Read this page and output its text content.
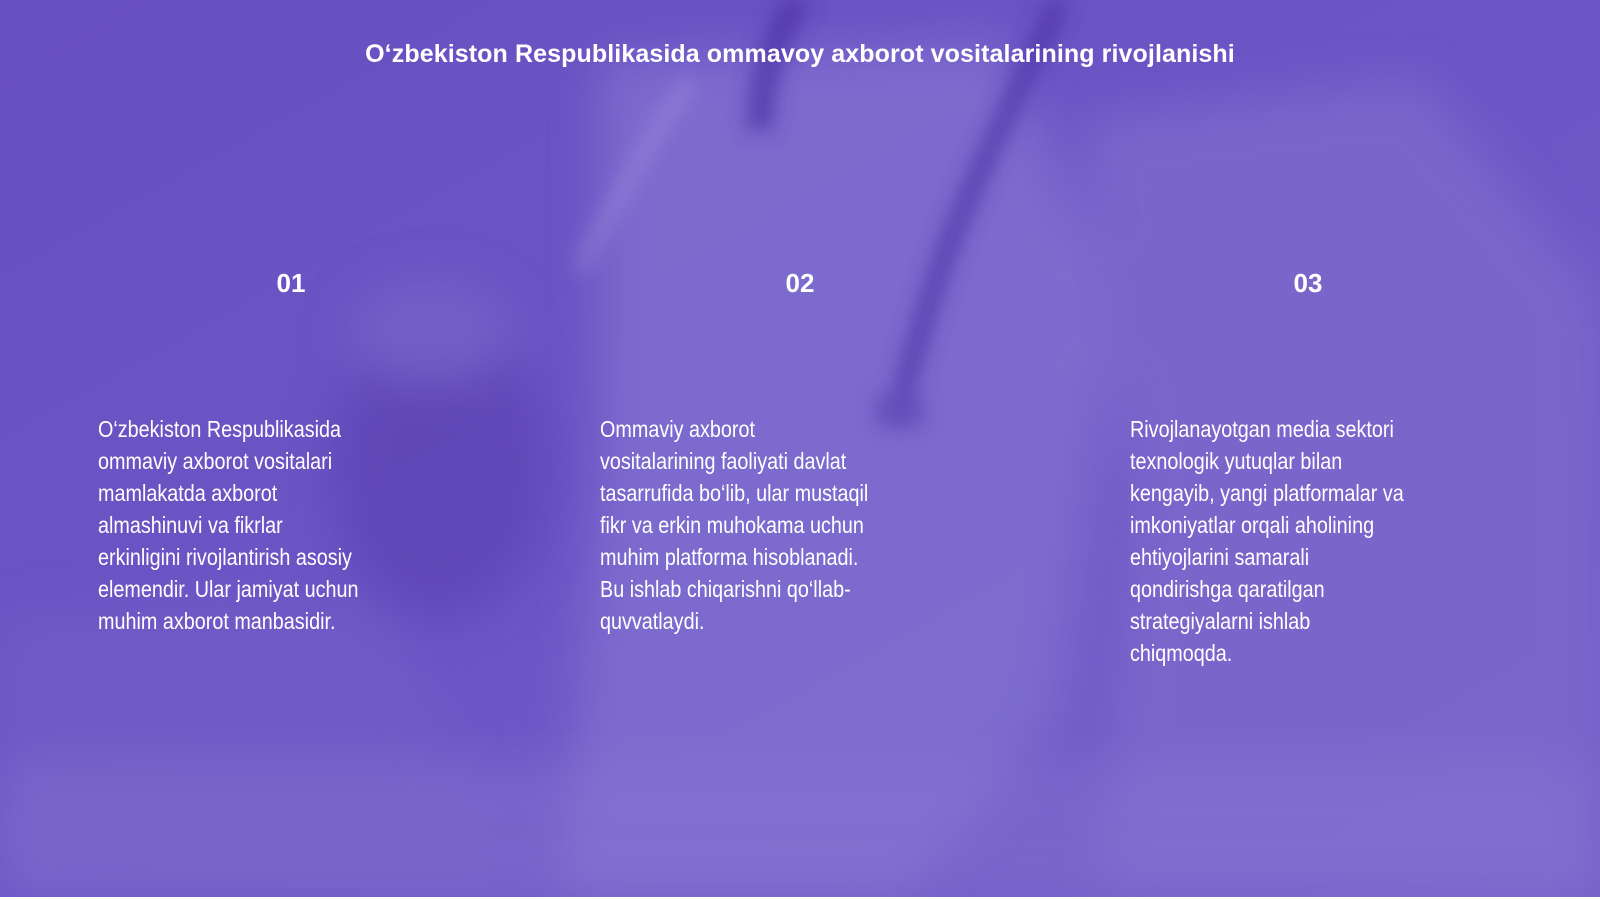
O‘zbekiston Respublikasida ommavoy axborot vositalarining rivojlanishi
01	02	03
O‘zbekiston Respublikasida
ommaviy axborot vositalari
mamlakatda axborot
almashinuvi va fikrlar
erkinligini rivojlantirish asosiy
elemendir. Ular jamiyat uchun
muhim axborot manbasidir.
Ommaviy axborot
vositalarining faoliyati davlat
tasarrufida bo‘lib, ular mustaqil
fikr va erkin muhokama uchun
muhim platforma hisoblanadi.
Bu ishlab chiqarishni qo‘llab-
quvvatlaydi.
Rivojlanayotgan media sektori
texnologik yutuqlar bilan
kengayib, yangi platformalar va
imkoniyatlar orqali aholining
ehtiyojlarini samarali
qondirishga qaratilgan
strategiyalarni ishlab
chiqmoqda.
